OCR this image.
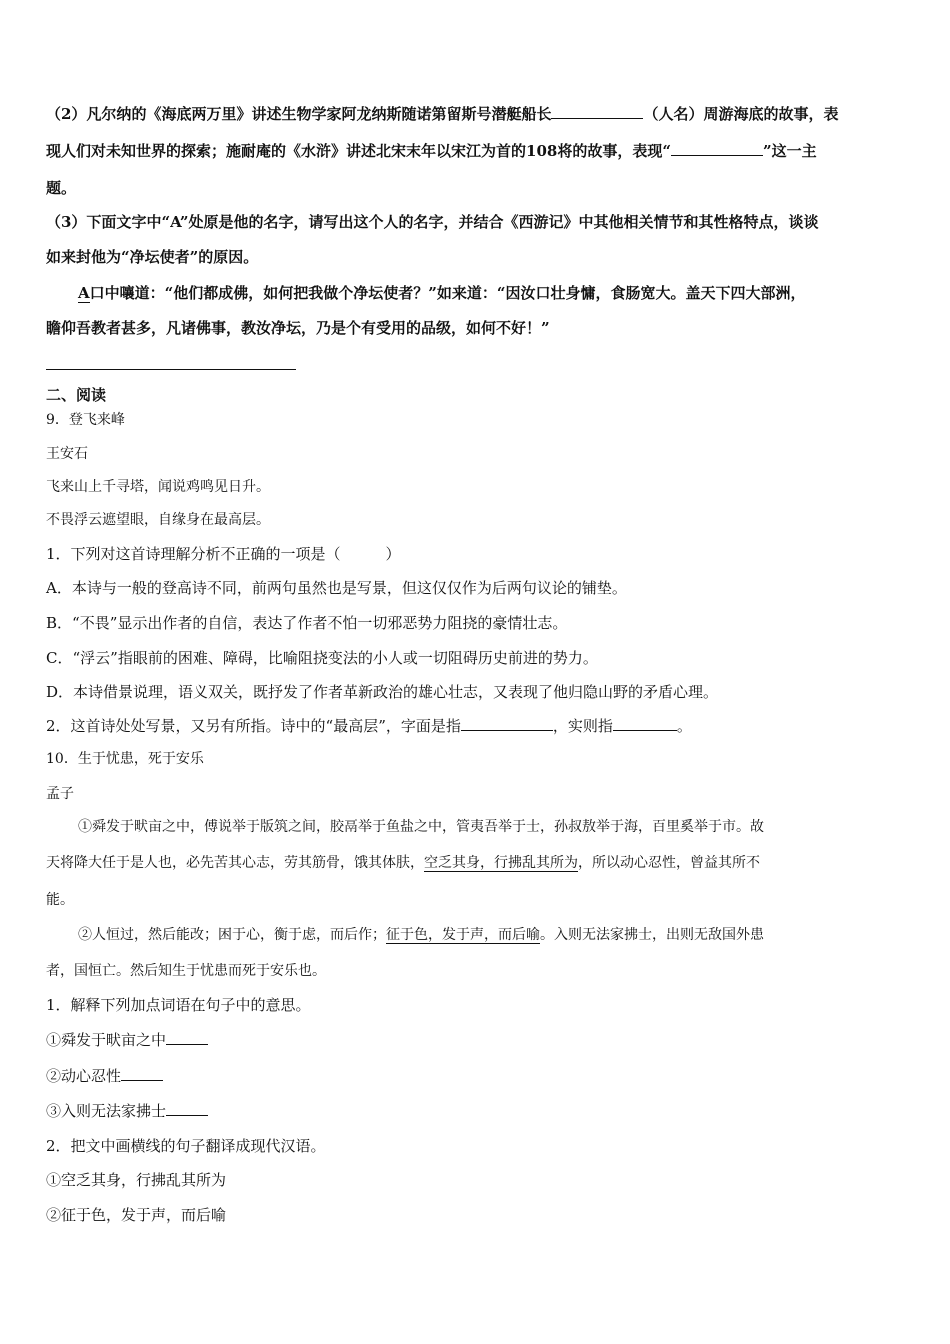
（2）凡尔纳的《海底两万里》讲述生物学家阿龙纳斯随诺第留斯号潜艇船长	（人名）周游海底的故事，表
现人们对未知世界的探索；施耐庵的《水浒》讲述北宋末年以宋江为首的108将的故事，表现“	”这一主
题。
（3）下面文字中“A”处原是他的名字，请写出这个人的名字，并结合《西游记》中其他相关情节和其性格特点，谈谈
如来封他为“净坛使者”的原因。
A口中嚷道：“他们都成佛，如何把我做个净坛使者？”如来道：“因汝口壮身慵，食肠宽大。盖天下四大部洲，
瞻仰吾教者甚多，凡诸佛事，教汝净坛，乃是个有受用的品级，如何不好！”
二、阅读
9．登飞来峰
王安石
飞来山上千寻塔，闻说鸡鸣见日升。
不畏浮云遮望眼，自缘身在最高层。
1．下列对这首诗理解分析不正确的一项是（　　　）
A．本诗与一般的登高诗不同，前两句虽然也是写景，但这仅仅作为后两句议论的铺垫。
B．“不畏”显示出作者的自信，表达了作者不怕一切邪恶势力阻挠的豪情壮志。
C．“浮云”指眼前的困难、障碍，比喻阻挠变法的小人或一切阻碍历史前进的势力。
D．本诗借景说理，语义双关，既抒发了作者革新政治的雄心壮志，又表现了他归隐山野的矛盾心理。
2．这首诗处处写景，又另有所指。诗中的“最高层”，字面是指	，实则指	。
10．生于忧患，死于安乐
孟子
①舜发于畎亩之中，傅说举于版筑之间，胶鬲举于鱼盐之中，管夷吾举于士，孙叔敖举于海，百里奚举于市。故
天将降大任于是人也，必先苦其心志，劳其筋骨，饿其体肤，空乏其身，行拂乱其所为，所以动心忍性，曾益其所不
能。
②人恒过，然后能改；困于心，衡于虑，而后作；征于色，发于声，而后喻。入则无法家拂士，出则无敌国外患
者，国恒亡。然后知生于忧患而死于安乐也。
1．解释下列加点词语在句子中的意思。
①舜发于畎亩之中
②动心忍性
③入则无法家拂士
2．把文中画横线的句子翻译成现代汉语。
①空乏其身，行拂乱其所为
②征于色，发于声，而后喻
